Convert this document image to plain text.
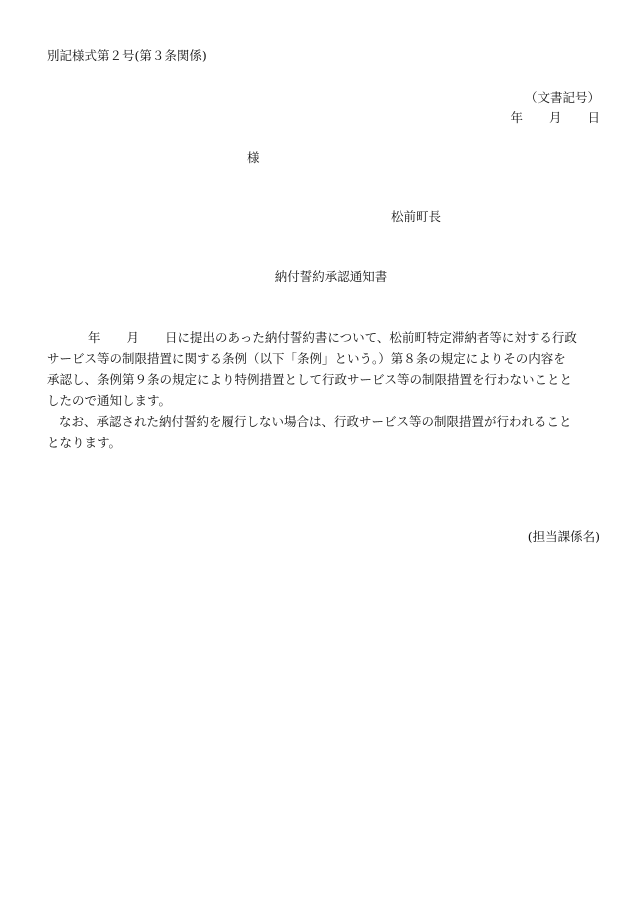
別記様式第２号(第３条関係)
（文書記号）
年 月 日
様
松前町長
納付誓約承認通知書
年 月 日に提出のあった納付誓約書について、松前町特定滞納者等に対する行政
サービス等の制限措置に関する条例（以下「条例」という。）第８条の規定によりその内容を
承認し、条例第９条の規定により特例措置として行政サービス等の制限措置を行わないことと
したので通知します。
なお、承認された納付誓約を履行しない場合は、行政サービス等の制限措置が行われること
となります。
(担当課係名)
